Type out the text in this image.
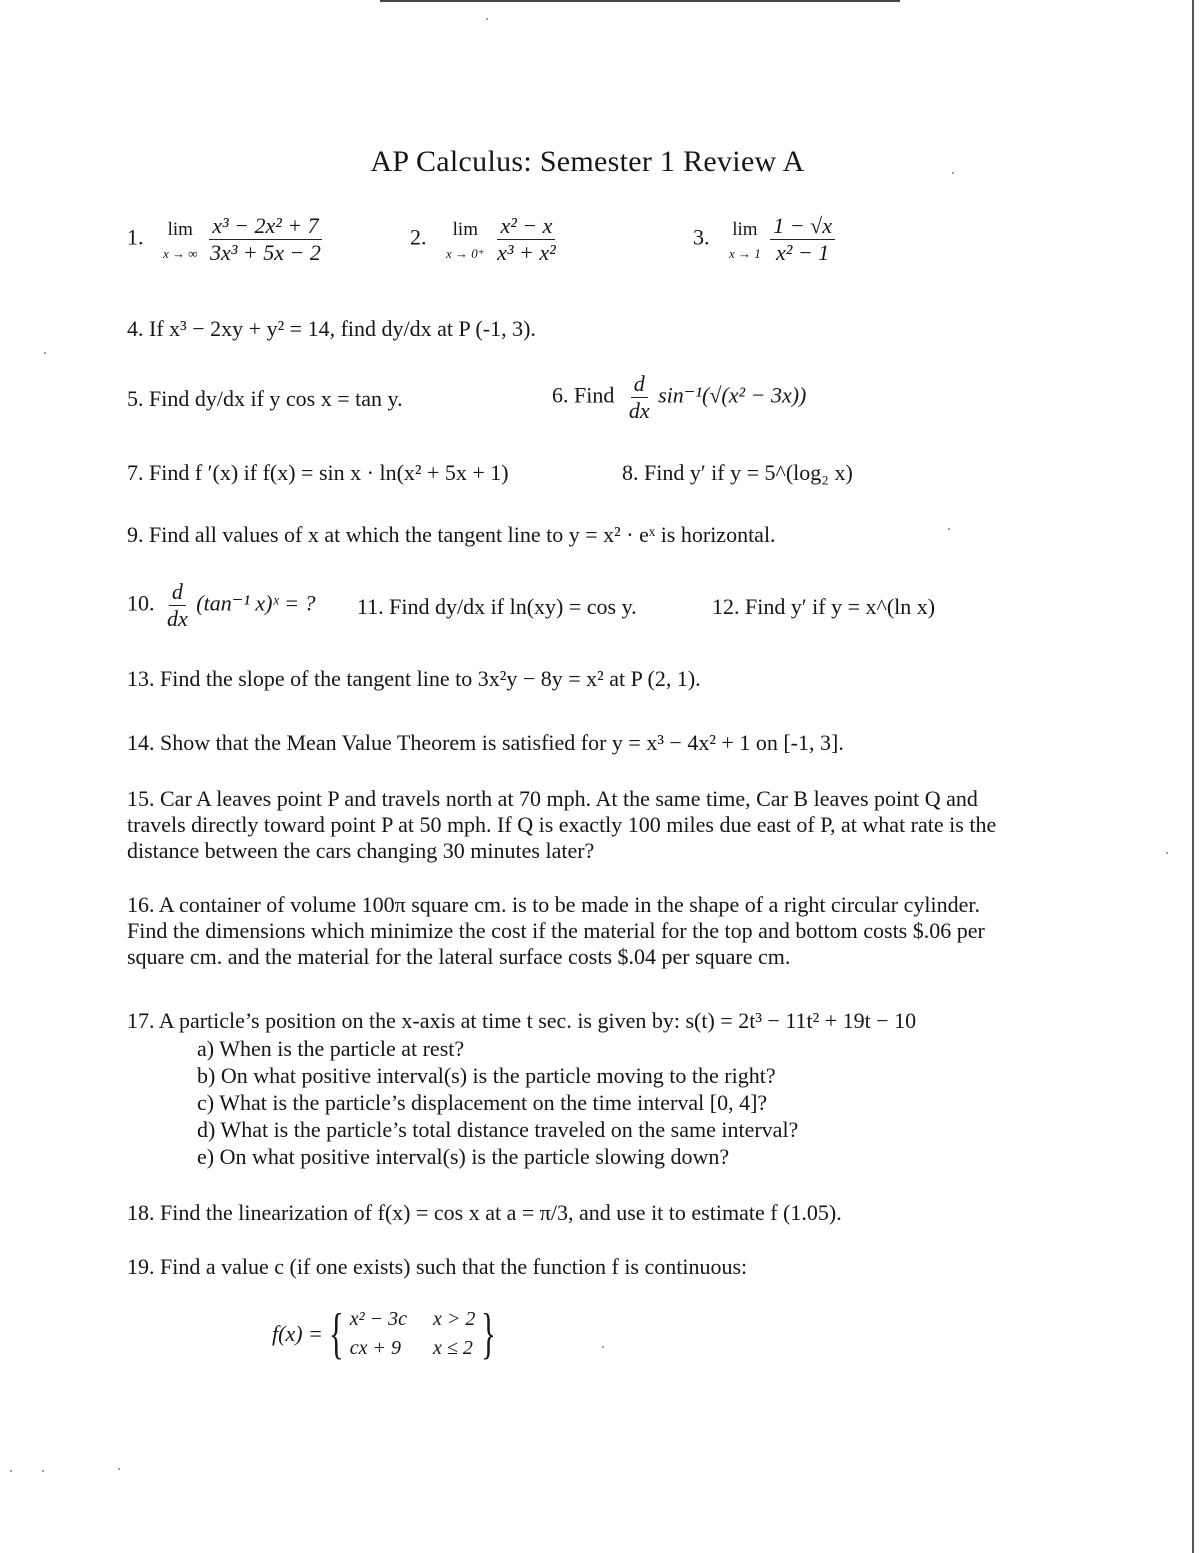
AP Calculus: Semester 1 Review A
1. lim
x → ∞
$\frac{\text{x³ − 2x² + 7}}{\text{3x³ + 5x − 2}}$	2. lim
x → 0⁺
$\frac{\text{x² − x}}{\text{x³ + x²}}$	3. lim
x → 1
$\frac{1 - √x}{\text{x² − 1}}$
4. If x³ − 2xy + y² = 14, find dy/dx at P (-1, 3).
5. Find dy/dx if y cos x = tan y.	6. Find $\frac{d}{dx} \sin^{-1}(√(x^2 - 3x))$
7. Find f ′(x) if f(x) = sin x · ln(x² + 5x + 1)	8. Find y′ if y = 5^(log₂ x)
9. Find all values of x at which the tangent line to y = x² · eˣ is horizontal.
10. $\frac{d}{dx} (\tan^{-1}$ x)ˣ = ? 11. Find dy/dx if ln(xy) = cos y.	12. Find y′ if y = x^(ln x)
13. Find the slope of the tangent line to 3x²y − 8y = x² at P (2, 1).
14. Show that the Mean Value Theorem is satisfied for y = x³ − 4x² + 1 on [-1, 3].
15. Car A leaves point P and travels north at 70 mph. At the same time, Car B leaves point Q and travels directly toward point P at 50 mph. If Q is exactly 100 miles due east of P, at what rate is the distance between the cars changing 30 minutes later?
16. A container of volume 100π square cm. is to be made in the shape of a right circular cylinder. Find the dimensions which minimize the cost if the material for the top and bottom costs $.06 per square cm. and the material for the lateral surface costs $.04 per square cm.
17. A particle’s position on the x-axis at time t sec. is given by: s(t) = 2t³ − 11t² + 19t − 10
a) When is the particle at rest?
b) On what positive interval(s) is the particle moving to the right?
c) What is the particle’s displacement on the time interval [0, 4]?
d) What is the particle’s total distance traveled on the same interval?
e) On what positive interval(s) is the particle slowing down?
18. Find the linearization of f(x) = cos x at a = π/3, and use it to estimate f (1.05).
19. Find a value c (if one exists) such that the function f is continuous:
f(x) = { x² − 3c x > 2
cx + 9	x ≤ 2 }
